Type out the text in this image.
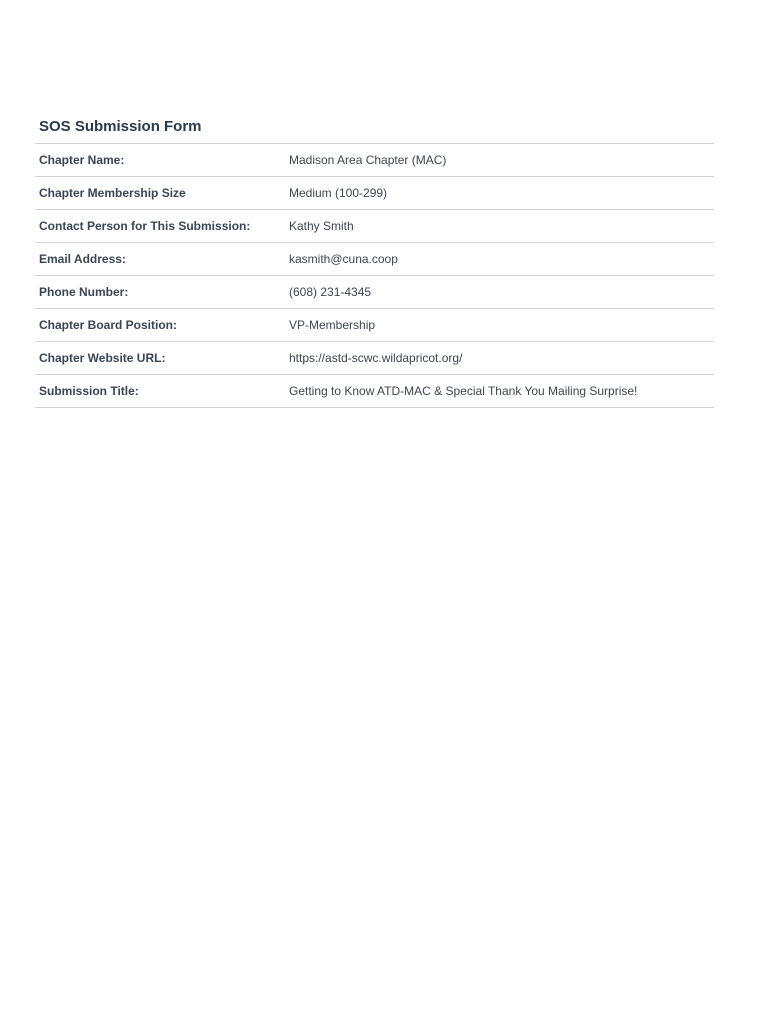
SOS Submission Form
Chapter Name:	Madison Area Chapter (MAC)
Chapter Membership Size	Medium (100-299)
Contact Person for This Submission:	Kathy Smith
Email Address:	kasmith@cuna.coop
Phone Number:	(608) 231-4345
Chapter Board Position:	VP-Membership
Chapter Website URL:	https://astd-scwc.wildapricot.org/
Submission Title:	Getting to Know ATD-MAC & Special Thank You Mailing Surprise!
